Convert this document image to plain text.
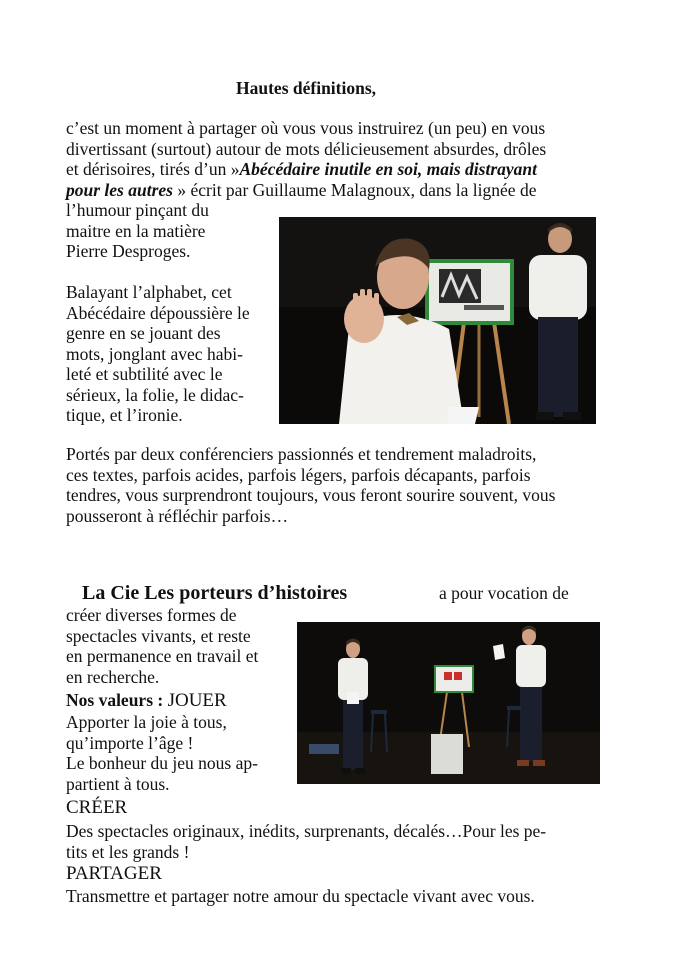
Hautes définitions,
c’est un moment à partager où vous vous instruirez (un peu) en vous
divertissant (surtout) autour de mots délicieusement absurdes, drôles
et dérisoires, tirés d’un »Abécédaire inutile en soi, mais distrayant
pour les autres » écrit par Guillaume Malagnoux, dans la lignée de
l’humour pinçant du
maitre en la matière
Pierre Desproges.
Balayant l’alphabet, cet
Abécédaire dépoussière le
genre en se jouant des
mots, jonglant avec habi-
leté et subtilité avec le
sérieux, la folie, le didac-
tique, et l’ironie.
Portés par deux conférenciers passionnés et tendrement maladroits,
ces textes, parfois acides, parfois légers, parfois décapants, parfois
tendres, vous surprendront toujours, vous feront sourire souvent, vous
pousseront à réfléchir parfois…
La Cie Les porteurs d’histoires	a pour vocation de
créer diverses formes de
spectacles vivants, et reste
en permanence en travail et
en recherche.
Nos valeurs : JOUER
Apporter la joie à tous,
qu’importe l’âge !
Le bonheur du jeu nous ap-
partient à tous.
CRÉER
Des spectacles originaux, inédits, surprenants, décalés…Pour les pe-
tits et les grands !
PARTAGER
Transmettre et partager notre amour du spectacle vivant avec vous.
